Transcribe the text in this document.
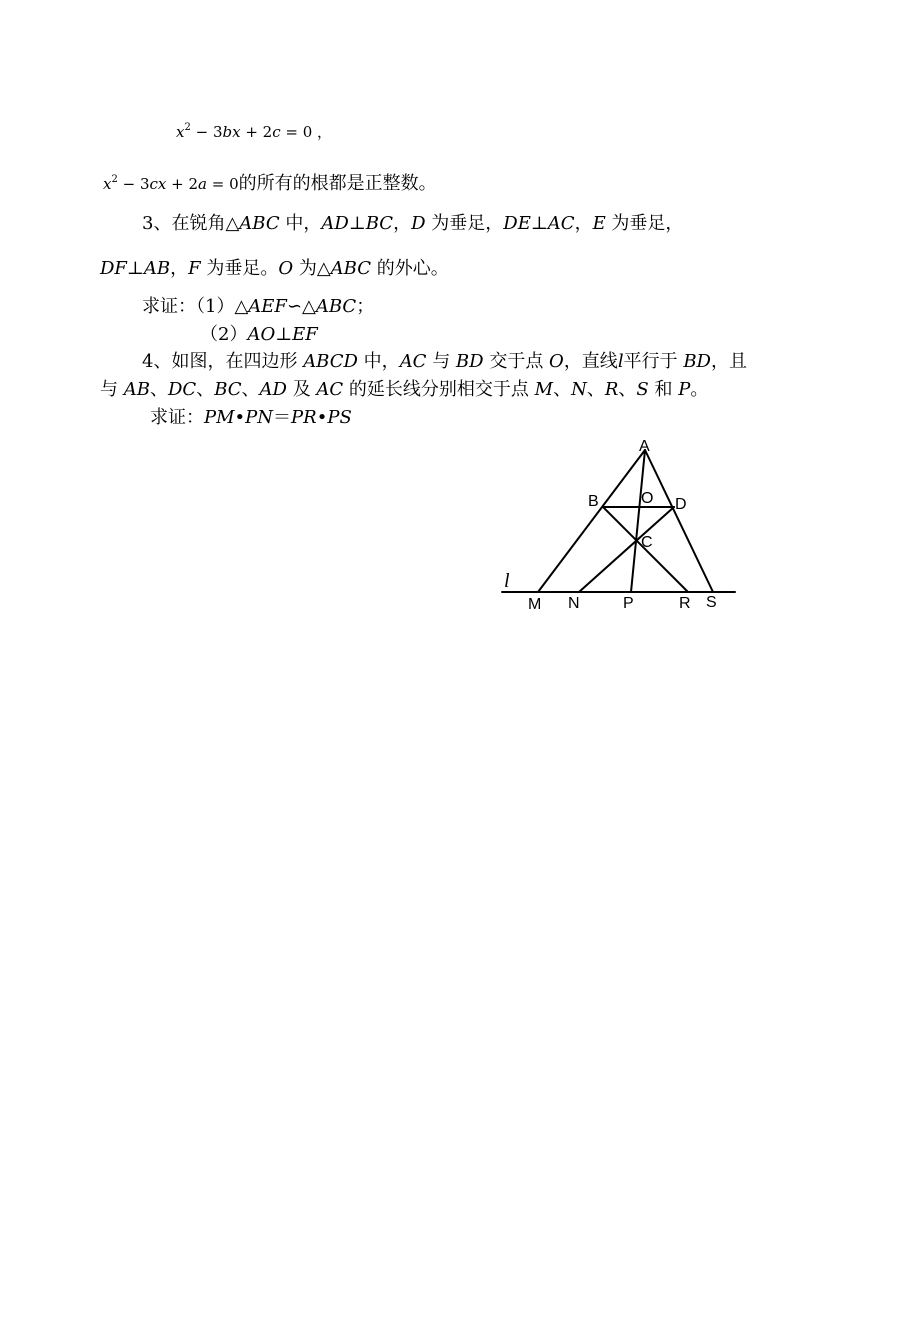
$x^2 - 3bx + 2c = 0$ ，
$x^2 - 3cx + 2a = 0$的所有的根都是正整数。
3、在锐角△ABC 中，AD⊥BC，D 为垂足，DE⊥AC，E 为垂足，
DF⊥AB，F 为垂足。O 为△ABC 的外心。
求证：（1）△AEF∽△ABC；
（2）AO⊥EF
4、如图，在四边形 ABCD 中，AC 与 BD 交于点 O，直线l平行于 BD，且
与 AB、DC、BC、AD 及 AC 的延长线分别相交于点 M、N、R、S 和 P。
求证：PM•PN＝PR•PS
A
B	O D
C
l
M N	P	R S
